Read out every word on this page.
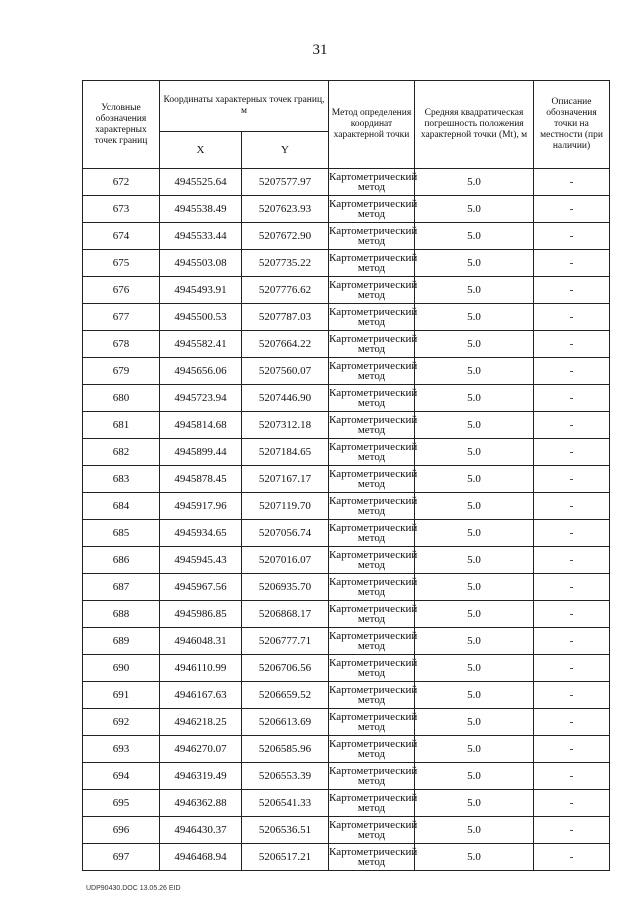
31
Условные обозначения характерных точек границ	Координаты характерных точек границ, м		Метод определения координат характерной точки	Средняя квадратическая погрешность положения характерной точки (Mt), м	Описание обозначения точки на местности (при наличии)
	X	Y			
672	4945525.64	5207577.97	Картометрический метод	5.0	-
673	4945538.49	5207623.93	Картометрический метод	5.0	-
674	4945533.44	5207672.90	Картометрический метод	5.0	-
675	4945503.08	5207735.22	Картометрический метод	5.0	-
676	4945493.91	5207776.62	Картометрический метод	5.0	-
677	4945500.53	5207787.03	Картометрический метод	5.0	-
678	4945582.41	5207664.22	Картометрический метод	5.0	-
679	4945656.06	5207560.07	Картометрический метод	5.0	-
680	4945723.94	5207446.90	Картометрический метод	5.0	-
681	4945814.68	5207312.18	Картометрический метод	5.0	-
682	4945899.44	5207184.65	Картометрический метод	5.0	-
683	4945878.45	5207167.17	Картометрический метод	5.0	-
684	4945917.96	5207119.70	Картометрический метод	5.0	-
685	4945934.65	5207056.74	Картометрический метод	5.0	-
686	4945945.43	5207016.07	Картометрический метод	5.0	-
687	4945967.56	5206935.70	Картометрический метод	5.0	-
688	4945986.85	5206868.17	Картометрический метод	5.0	-
689	4946048.31	5206777.71	Картометрический метод	5.0	-
690	4946110.99	5206706.56	Картометрический метод	5.0	-
691	4946167.63	5206659.52	Картометрический метод	5.0	-
692	4946218.25	5206613.69	Картометрический метод	5.0	-
693	4946270.07	5206585.96	Картометрический метод	5.0	-
694	4946319.49	5206553.39	Картометрический метод	5.0	-
695	4946362.88	5206541.33	Картометрический метод	5.0	-
696	4946430.37	5206536.51	Картометрический метод	5.0	-
697	4946468.94	5206517.21	Картометрический метод	5.0	-
UDP90430.DOC 13.05.26 EID
